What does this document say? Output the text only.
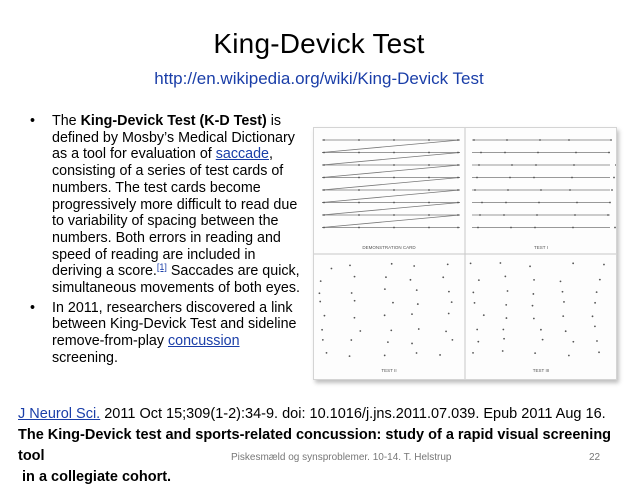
King-Devick Test
http://en.wikipedia.org/wiki/King-Devick Test
• The King-Devick Test (K-D Test) is defined by Mosby’s Medical Dictionary as a tool for evaluation of saccade, consisting of a series of test cards of numbers. The test cards become progressively more difficult to read due to variability of spacing between the numbers. Both errors in reading and speed of reading are included in deriving a score.[1] Saccades are quick, simultaneous movements of both eyes.
• In 2011, researchers discovered a link between King-Devick Test and sideline remove-from-play concussion screening.
DEMONSTRATION CARD	TEST I
TEST II	TEST III
J Neurol Sci. 2011 Oct 15;309(1-2):34-9. doi: 10.1016/j.jns.2011.07.039. Epub 2011 Aug 16.
The King-Devick test and sports-related concussion: study of a rapid visual screening tool
in a collegiate cohort.
Piskesmæld og synsproblemer. 10-14. T. Helstrup	22
